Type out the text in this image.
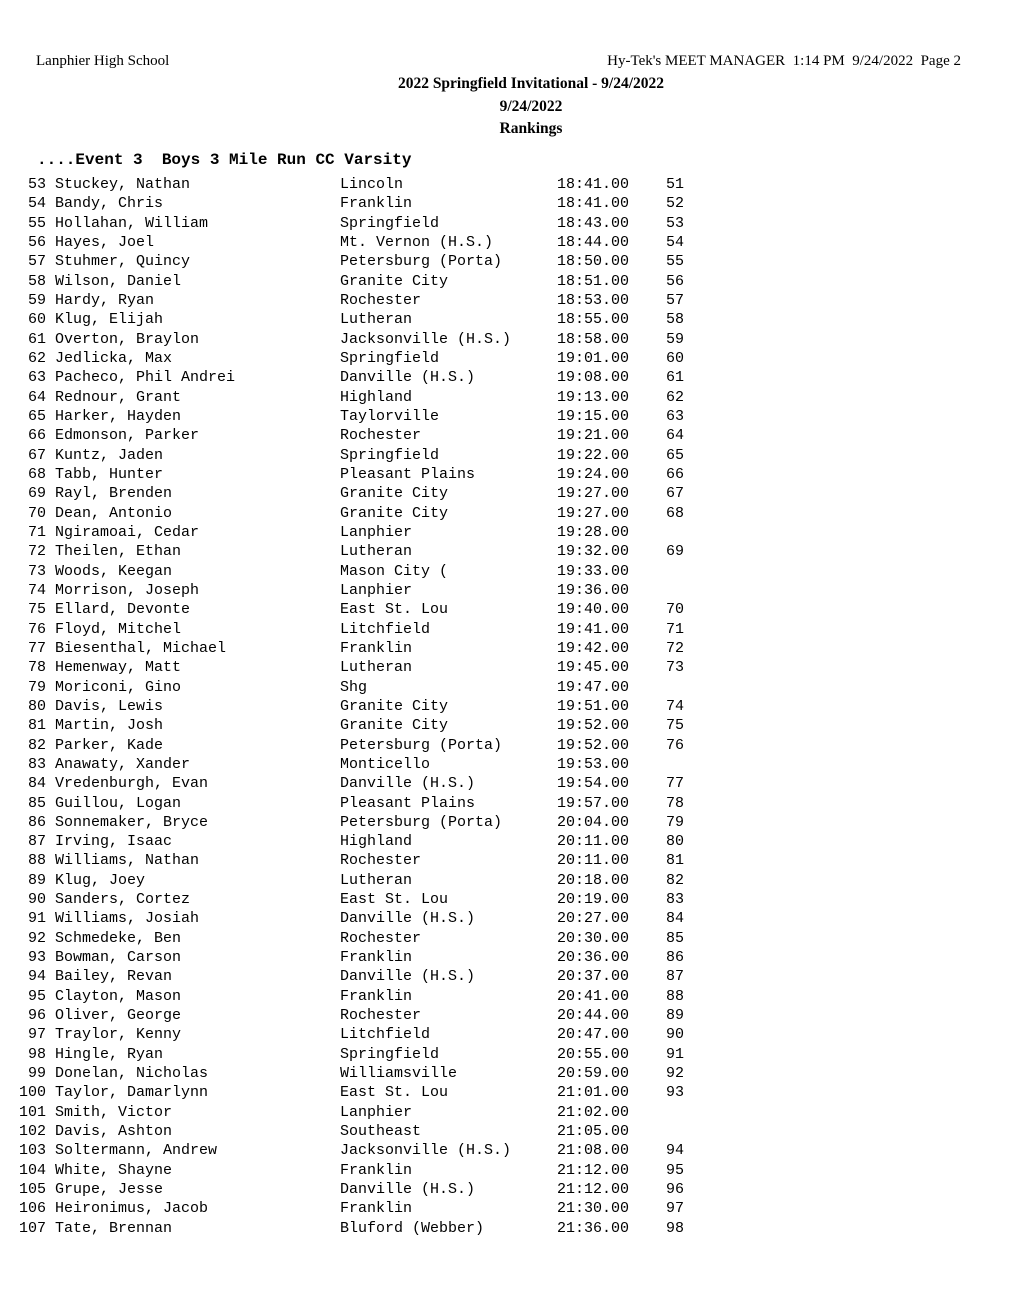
Lanphier High School	Hy-Tek's MEET MANAGER  1:14 PM  9/24/2022  Page 2
2022 Springfield Invitational - 9/24/2022
9/24/2022
Rankings
....Event 3  Boys 3 Mile Run CC Varsity
53 Stuckey, Nathan	Lincoln	18:41.00	51
54 Bandy, Chris	Franklin	18:41.00	52
55 Hollahan, William	Springfield	18:43.00	53
56 Hayes, Joel	Mt. Vernon (H.S.)	18:44.00	54
57 Stuhmer, Quincy	Petersburg (Porta)	18:50.00	55
58 Wilson, Daniel	Granite City	18:51.00	56
59 Hardy, Ryan	Rochester	18:53.00	57
60 Klug, Elijah	Lutheran	18:55.00	58
61 Overton, Braylon	Jacksonville (H.S.)	18:58.00	59
62 Jedlicka, Max	Springfield	19:01.00	60
63 Pacheco, Phil Andrei	Danville (H.S.)	19:08.00	61
64 Rednour, Grant	Highland	19:13.00	62
65 Harker, Hayden	Taylorville	19:15.00	63
66 Edmonson, Parker	Rochester	19:21.00	64
67 Kuntz, Jaden	Springfield	19:22.00	65
68 Tabb, Hunter	Pleasant Plains	19:24.00	66
69 Rayl, Brenden	Granite City	19:27.00	67
70 Dean, Antonio	Granite City	19:27.00	68
71 Ngiramoai, Cedar	Lanphier	19:28.00
72 Theilen, Ethan	Lutheran	19:32.00	69
73 Woods, Keegan	Mason City (	19:33.00
74 Morrison, Joseph	Lanphier	19:36.00
75 Ellard, Devonte	East St. Lou	19:40.00	70
76 Floyd, Mitchel	Litchfield	19:41.00	71
77 Biesenthal, Michael	Franklin	19:42.00	72
78 Hemenway, Matt	Lutheran	19:45.00	73
79 Moriconi, Gino	Shg	19:47.00
80 Davis, Lewis	Granite City	19:51.00	74
81 Martin, Josh	Granite City	19:52.00	75
82 Parker, Kade	Petersburg (Porta)	19:52.00	76
83 Anawaty, Xander	Monticello	19:53.00
84 Vredenburgh, Evan	Danville (H.S.)	19:54.00	77
85 Guillou, Logan	Pleasant Plains	19:57.00	78
86 Sonnemaker, Bryce	Petersburg (Porta)	20:04.00	79
87 Irving, Isaac	Highland	20:11.00	80
88 Williams, Nathan	Rochester	20:11.00	81
89 Klug, Joey	Lutheran	20:18.00	82
90 Sanders, Cortez	East St. Lou	20:19.00	83
91 Williams, Josiah	Danville (H.S.)	20:27.00	84
92 Schmedeke, Ben	Rochester	20:30.00	85
93 Bowman, Carson	Franklin	20:36.00	86
94 Bailey, Revan	Danville (H.S.)	20:37.00	87
95 Clayton, Mason	Franklin	20:41.00	88
96 Oliver, George	Rochester	20:44.00	89
97 Traylor, Kenny	Litchfield	20:47.00	90
98 Hingle, Ryan	Springfield	20:55.00	91
99 Donelan, Nicholas	Williamsville	20:59.00	92
100 Taylor, Damarlynn	East St. Lou	21:01.00	93
101 Smith, Victor	Lanphier	21:02.00
102 Davis, Ashton	Southeast	21:05.00
103 Soltermann, Andrew	Jacksonville (H.S.)	21:08.00	94
104 White, Shayne	Franklin	21:12.00	95
105 Grupe, Jesse	Danville (H.S.)	21:12.00	96
106 Heironimus, Jacob	Franklin	21:30.00	97
107 Tate, Brennan	Bluford (Webber)	21:36.00	98
